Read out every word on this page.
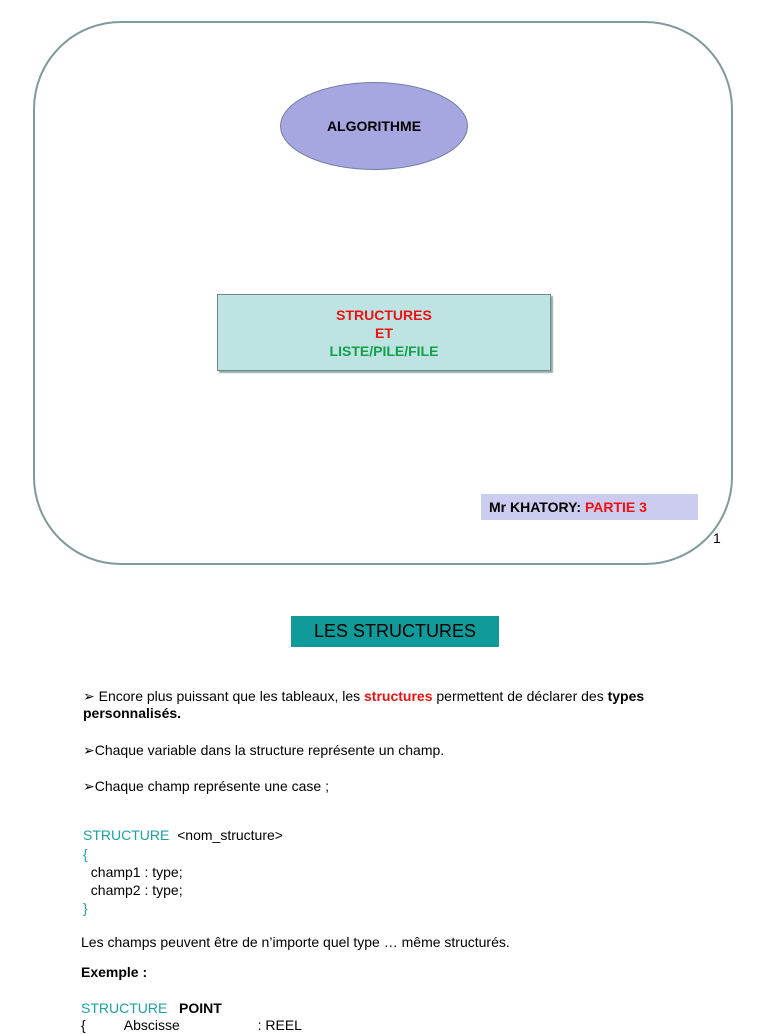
ALGORITHME
STRUCTURES
ET
LISTE/PILE/FILE
Mr KHATORY:
PARTIE 3
1
LES STRUCTURES
➢ Encore plus puissant que les tableaux, les structures permettent de déclarer des types
personnalisés.
➢Chaque variable dans la structure représente un champ.
➢Chaque champ représente une case ;
STRUCTURE  <nom_structure>
{
champ1 : type;
champ2 : type;
}
Les champs peuvent être de n’importe quel type … même structurés.
Exemple :
STRUCTURE POINT
{          Abscisse                    : REEL
